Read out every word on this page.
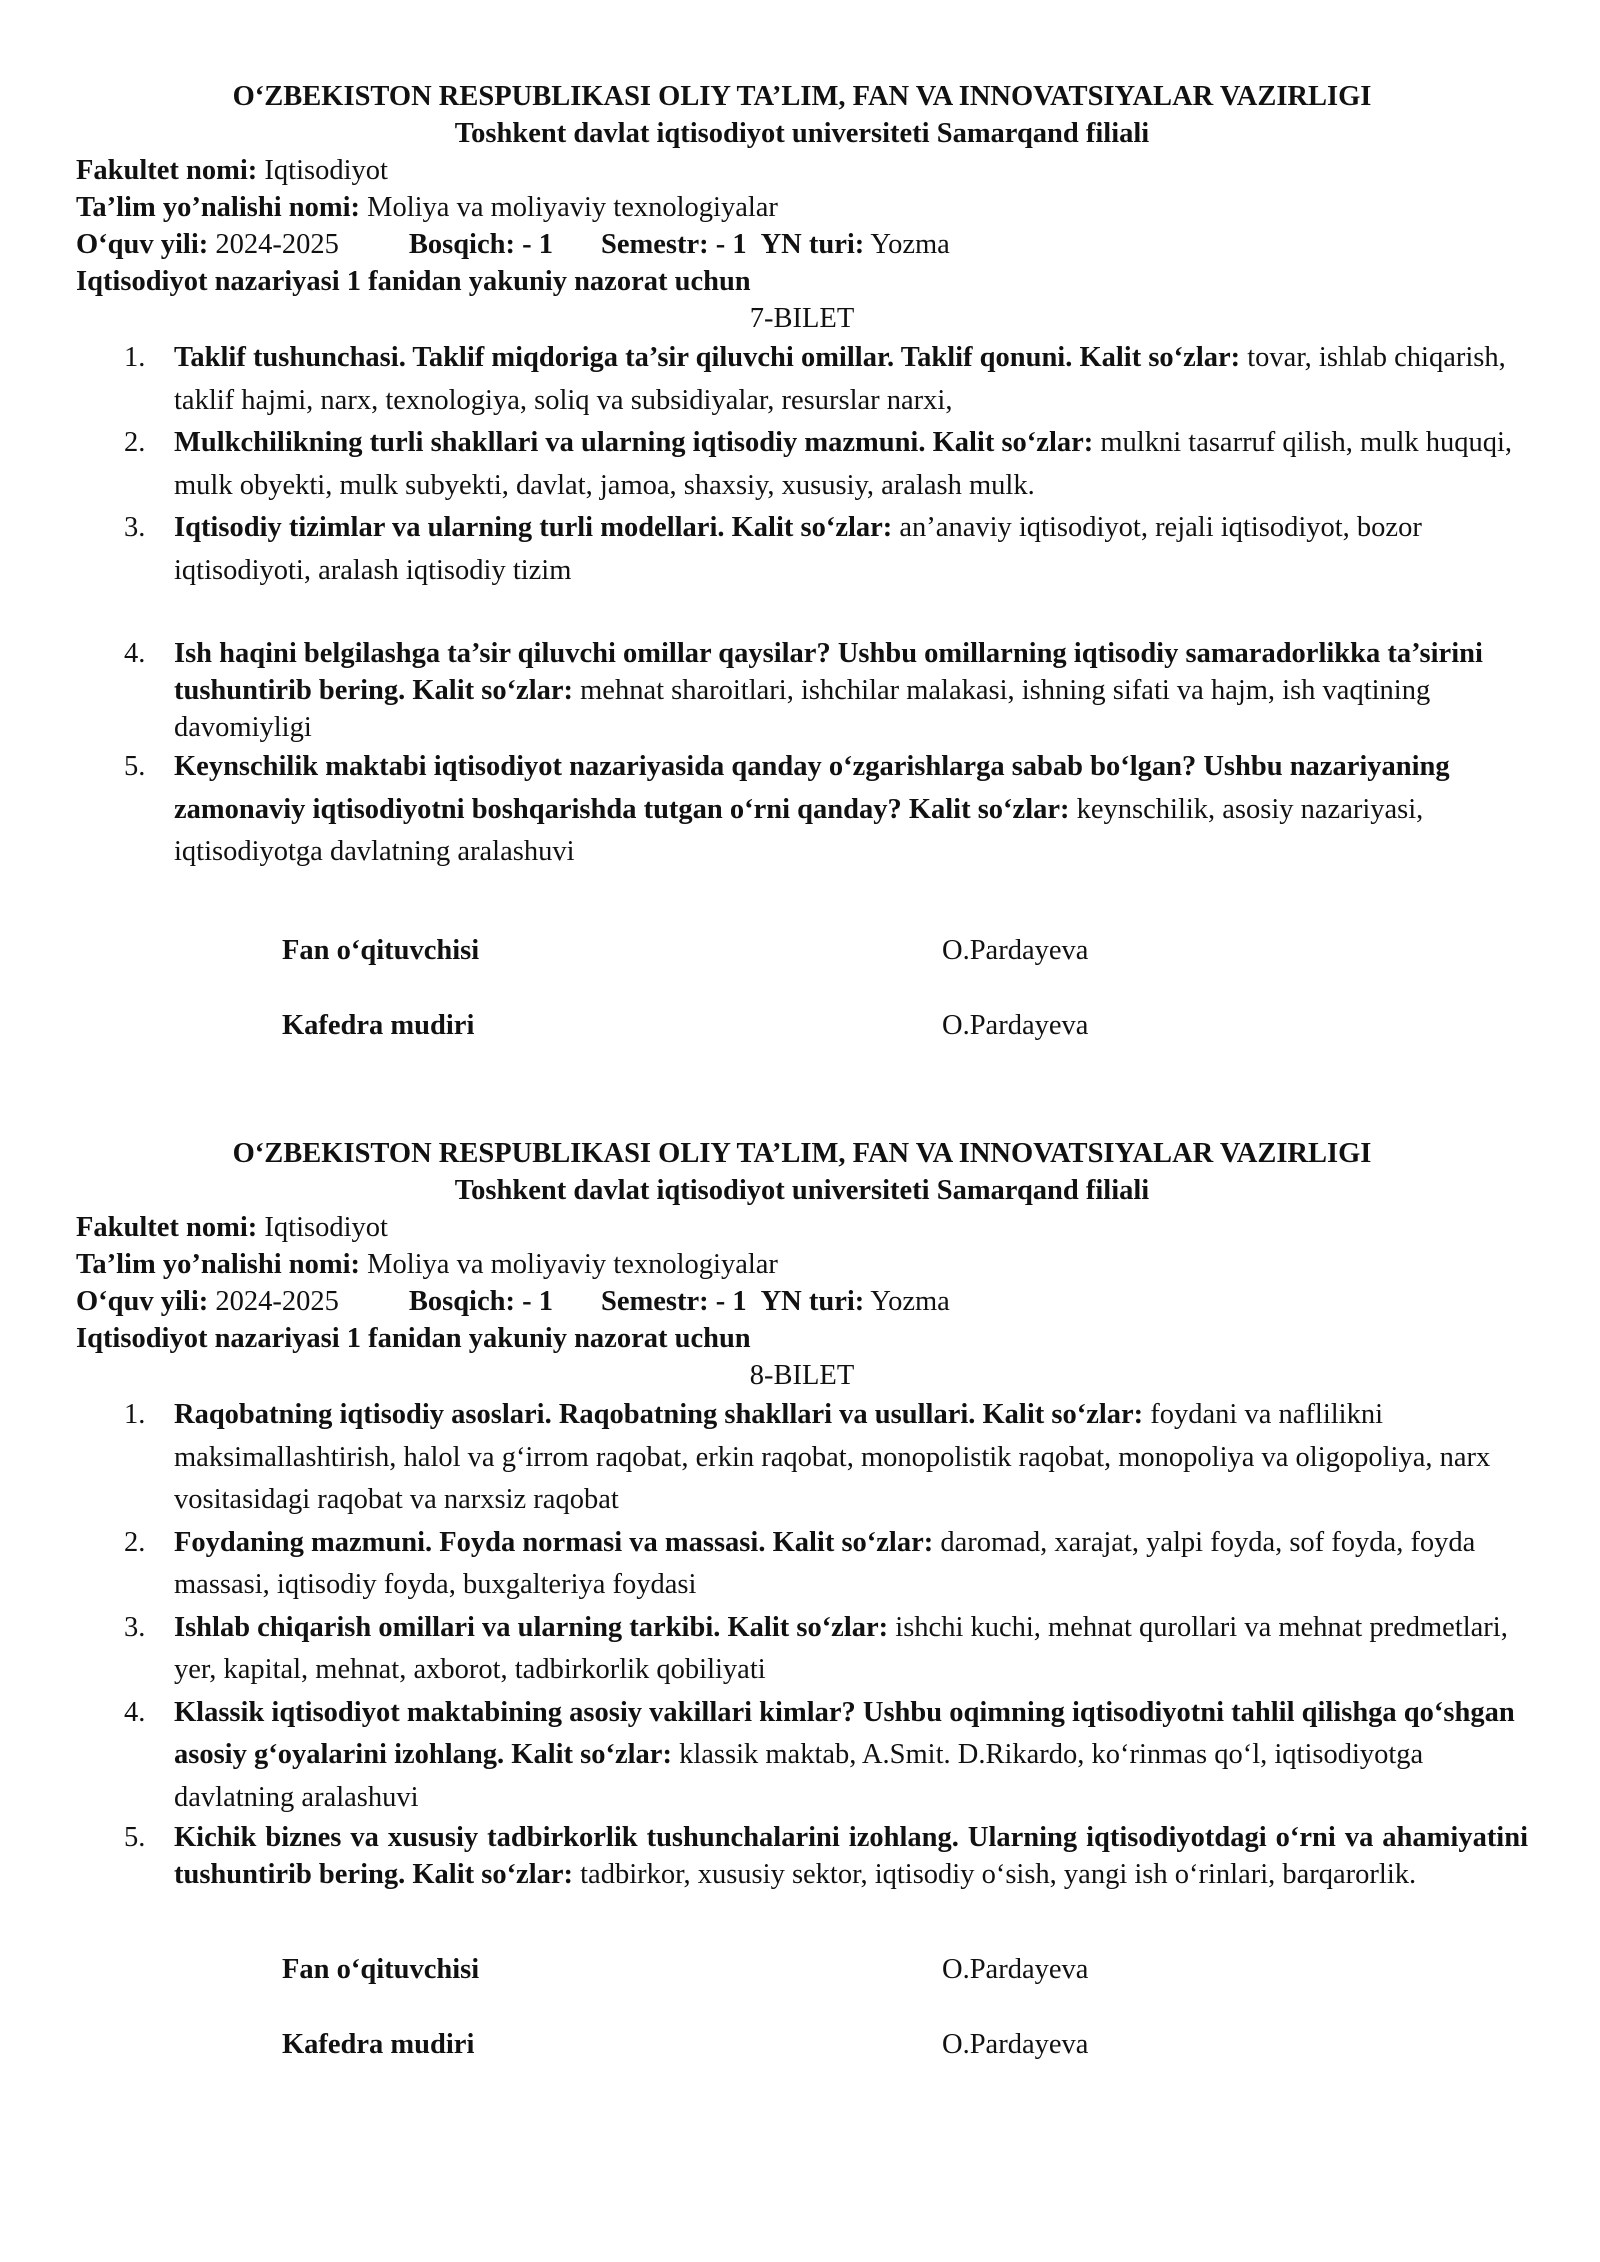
O‘ZBEKISTON RESPUBLIKASI OLIY TA’LIM, FAN VA INNOVATSIYALAR VAZIRLIGI
Toshkent davlat iqtisodiyot universiteti Samarqand filiali
Fakultet nomi: Iqtisodiyot
Ta’lim yo’nalishi nomi: Moliya va moliyaviy texnologiyalar
O‘quv yili: 2024-2025 Bosqich: - 1 Semestr: - 1 YN turi: Yozma
Iqtisodiyot nazariyasi 1 fanidan yakuniy nazorat uchun
7-BILET
1. Taklif tushunchasi. Taklif miqdoriga ta’sir qiluvchi omillar. Taklif qonuni. Kalit so‘zlar: tovar, ishlab chiqarish, taklif hajmi, narx, texnologiya, soliq va subsidiyalar, resurslar narxi,
2. Mulkchilikning turli shakllari va ularning iqtisodiy mazmuni. Kalit so‘zlar: mulkni tasarruf qilish, mulk huquqi, mulk obyekti, mulk subyekti, davlat, jamoa, shaxsiy, xususiy, aralash mulk.
3. Iqtisodiy tizimlar va ularning turli modellari. Kalit so‘zlar: an’anaviy iqtisodiyot, rejali iqtisodiyot, bozor iqtisodiyoti, aralash iqtisodiy tizim
4. Ish haqini belgilashga ta’sir qiluvchi omillar qaysilar? Ushbu omillarning iqtisodiy samaradorlikka ta’sirini tushuntirib bering. Kalit so‘zlar: mehnat sharoitlari, ishchilar malakasi, ishning sifati va hajm, ish vaqtining davomiyligi
5. Keynschilik maktabi iqtisodiyot nazariyasida qanday o‘zgarishlarga sabab bo‘lgan? Ushbu nazariyaning zamonaviy iqtisodiyotni boshqarishda tutgan o‘rni qanday? Kalit so‘zlar: keynschilik, asosiy nazariyasi, iqtisodiyotga davlatning aralashuvi
Fan o‘qituvchisi	O.Pardayeva
Kafedra mudiri	O.Pardayeva
O‘ZBEKISTON RESPUBLIKASI OLIY TA’LIM, FAN VA INNOVATSIYALAR VAZIRLIGI
Toshkent davlat iqtisodiyot universiteti Samarqand filiali
Fakultet nomi: Iqtisodiyot
Ta’lim yo’nalishi nomi: Moliya va moliyaviy texnologiyalar
O‘quv yili: 2024-2025 Bosqich: - 1 Semestr: - 1 YN turi: Yozma
Iqtisodiyot nazariyasi 1 fanidan yakuniy nazorat uchun
8-BILET
1. Raqobatning iqtisodiy asoslari. Raqobatning shakllari va usullari. Kalit so‘zlar: foydani va naflilikni maksimallashtirish, halol va g‘irrom raqobat, erkin raqobat, monopolistik raqobat, monopoliya va oligopoliya, narx vositasidagi raqobat va narxsiz raqobat
2. Foydaning mazmuni. Foyda normasi va massasi. Kalit so‘zlar: daromad, xarajat, yalpi foyda, sof foyda, foyda massasi, iqtisodiy foyda, buxgalteriya foydasi
3. Ishlab chiqarish omillari va ularning tarkibi. Kalit so‘zlar: ishchi kuchi, mehnat qurollari va mehnat predmetlari, yer, kapital, mehnat, axborot, tadbirkorlik qobiliyati
4. Klassik iqtisodiyot maktabining asosiy vakillari kimlar? Ushbu oqimning iqtisodiyotni tahlil qilishga qo‘shgan asosiy g‘oyalarini izohlang. Kalit so‘zlar: klassik maktab, A.Smit. D.Rikardo, ko‘rinmas qo‘l, iqtisodiyotga davlatning aralashuvi
5. Kichik biznes va xususiy tadbirkorlik tushunchalarini izohlang. Ularning iqtisodiyotdagi o‘rni va ahamiyatini tushuntirib bering. Kalit so‘zlar: tadbirkor, xususiy sektor, iqtisodiy o‘sish, yangi ish o‘rinlari, barqarorlik.
Fan o‘qituvchisi	O.Pardayeva
Kafedra mudiri	O.Pardayeva
